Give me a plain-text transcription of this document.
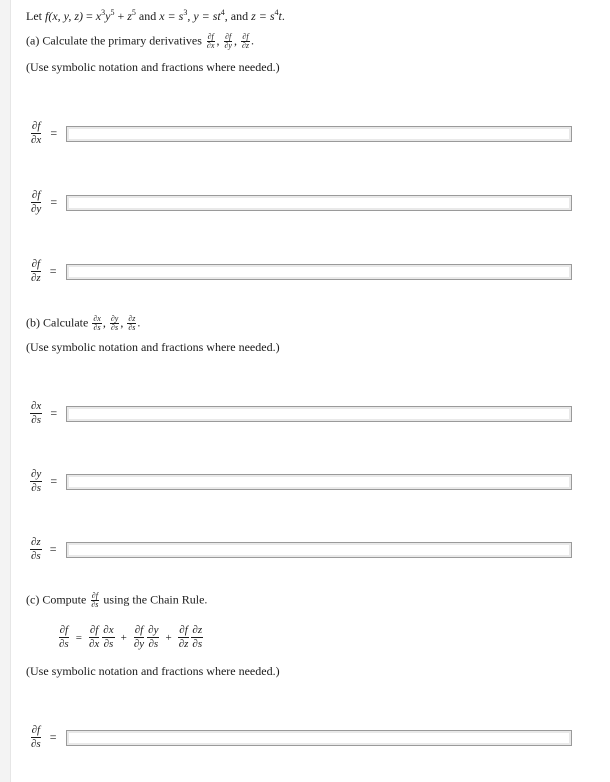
Let f(x, y, $z) = x^3y^5 + z^5$ and $x = s^3$, $y = st^4$, and $z = s^4t$.
(a) Calculate the primary derivatives $\frac{\partial f}{\partial x}$ , $\frac{\partial f}{\partial y}$ , $\frac{\partial f}{\partial z}$ .
(Use symbolic notation and fractions where needed.)
$\frac{\partial f}{\partial x}$ =
$\frac{\partial f}{\partial y}$ =
$\frac{\partial f}{\partial z}$ =
(b) Calculate $\frac{\partial x}{\partial s}$ , $\frac{\partial y}{\partial s}$ , $\frac{\partial z}{\partial s}$ .
(Use symbolic notation and fractions where needed.)
$\frac{\partial x}{\partial s}$ =
$\frac{\partial y}{\partial s}$ =
$\frac{\partial z}{\partial s}$ =
(c) Compute $\frac{\partial f}{\partial s}$ using the Chain Rule.
$\frac{\partial f}{\partial s} = \frac{\partial f}{\partial x} \frac{\partial x}{\partial s} + \frac{\partial f}{\partial y} \frac{\partial y}{\partial s} + \frac{\partial f}{\partial z} \frac{\partial z}{\partial s}$
(Use symbolic notation and fractions where needed.)
$\frac{\partial f}{\partial s}$ =
